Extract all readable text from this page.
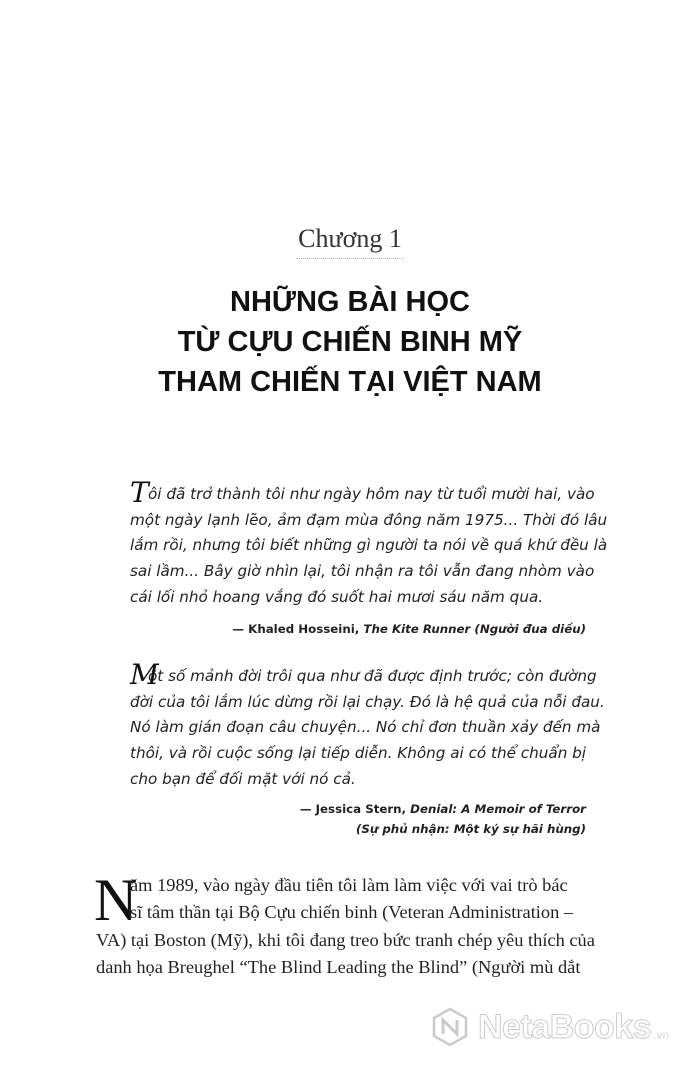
Chương 1
NHỮNG BÀI HỌC
TỪ CỰU CHIẾN BINH MỸ
THAM CHIẾN TẠI VIỆT NAM
T ôi đã trở thành tôi như ngày hôm nay từ tuổi mười hai, vào
một ngày lạnh lẽo, ảm đạm mùa đông năm 1975... Thời đó lâu
lắm rồi, nhưng tôi biết những gì người ta nói về quá khứ đều là
sai lầm... Bây giờ nhìn lại, tôi nhận ra tôi vẫn đang nhòm vào
cái lối nhỏ hoang vắng đó suốt hai mươi sáu năm qua.
— Khaled Hosseini, The Kite Runner (Người đua diều)
M
ột số mảnh đời trôi qua như đã được định trước; còn đường
đời của tôi lắm lúc dừng rồi lại chạy. Đó là hệ quả của nỗi đau.
Nó làm gián đoạn câu chuyện... Nó chỉ đơn thuần xảy đến mà
thôi, và rồi cuộc sống lại tiếp diễn. Không ai có thể chuẩn bị
cho bạn để đối mặt với nó cả.
— Jessica Stern, Denial: A Memoir of Terror
(Sự phủ nhận: Một ký sự hãi hùng)
N
ăm 1989, vào ngày đầu tiên tôi làm làm việc với vai trò bác
sĩ tâm thần tại Bộ Cựu chiến binh (Veteran Administration –
VA) tại Boston (Mỹ), khi tôi đang treo bức tranh chép yêu thích của
danh họa Breughel “The Blind Leading the Blind” (Người mù dắt
NetaBooks .vn
